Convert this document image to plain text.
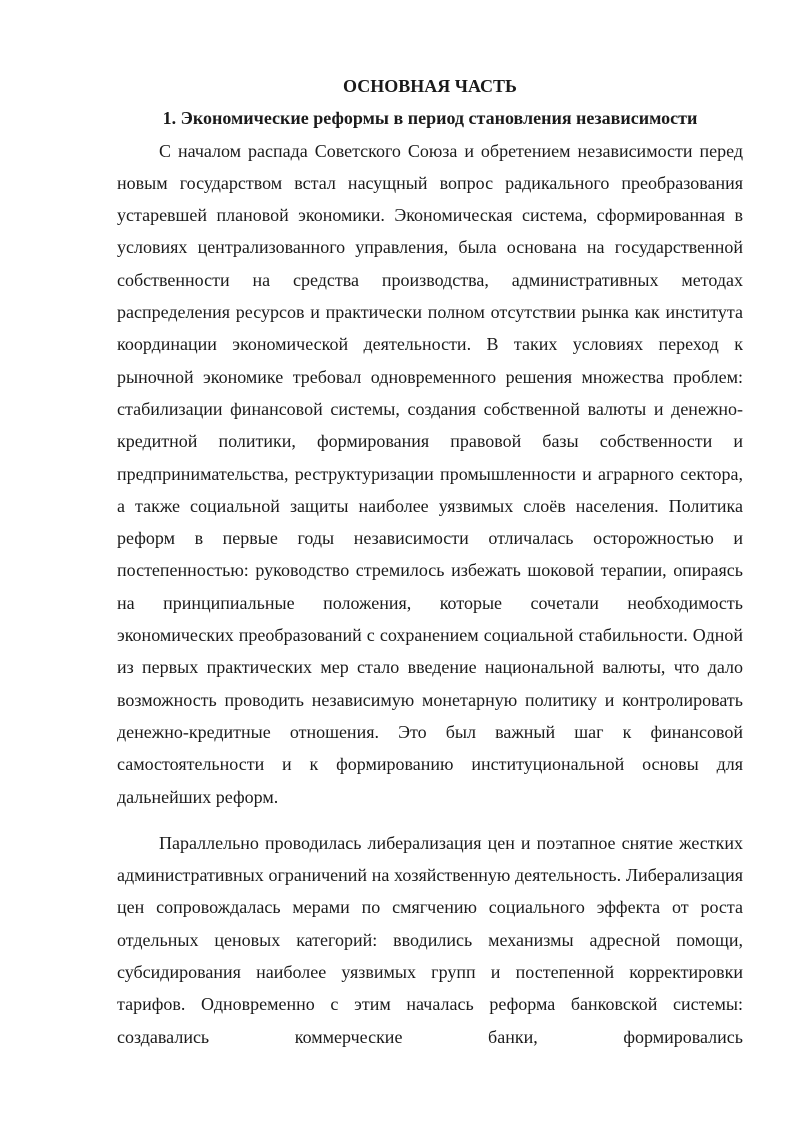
ОСНОВНАЯ ЧАСТЬ
1. Экономические реформы в период становления независимости

С началом распада Советского Союза и обретением независимости перед новым государством встал насущный вопрос радикального преобразования устаревшей плановой экономики. Экономическая система, сформированная в условиях централизованного управления, была основана на государственной собственности на средства производства, административных методах распределения ресурсов и практически полном отсутствии рынка как института координации экономической деятельности. В таких условиях переход к рыночной экономике требовал одновременного решения множества проблем: стабилизации финансовой системы, создания собственной валюты и денежно-кредитной политики, формирования правовой базы собственности и предпринимательства, реструктуризации промышленности и аграрного сектора, а также социальной защиты наиболее уязвимых слоёв населения. Политика реформ в первые годы независимости отличалась осторожностью и постепенностью: руководство стремилось избежать шоковой терапии, опираясь на принципиальные положения, которые сочетали необходимость экономических преобразований с сохранением социальной стабильности. Одной из первых практических мер стало введение национальной валюты, что дало возможность проводить независимую монетарную политику и контролировать денежно-кредитные отношения. Это был важный шаг к финансовой самостоятельности и к формированию институциональной основы для дальнейших реформ.

Параллельно проводилась либерализация цен и поэтапное снятие жестких административных ограничений на хозяйственную деятельность. Либерализация цен сопровождалась мерами по смягчению социального эффекта от роста отдельных ценовых категорий: вводились механизмы адресной помощи, субсидирования наиболее уязвимых групп и постепенной корректировки тарифов. Одновременно с этим началась реформа банковской системы: создавались коммерческие банки, формировались
